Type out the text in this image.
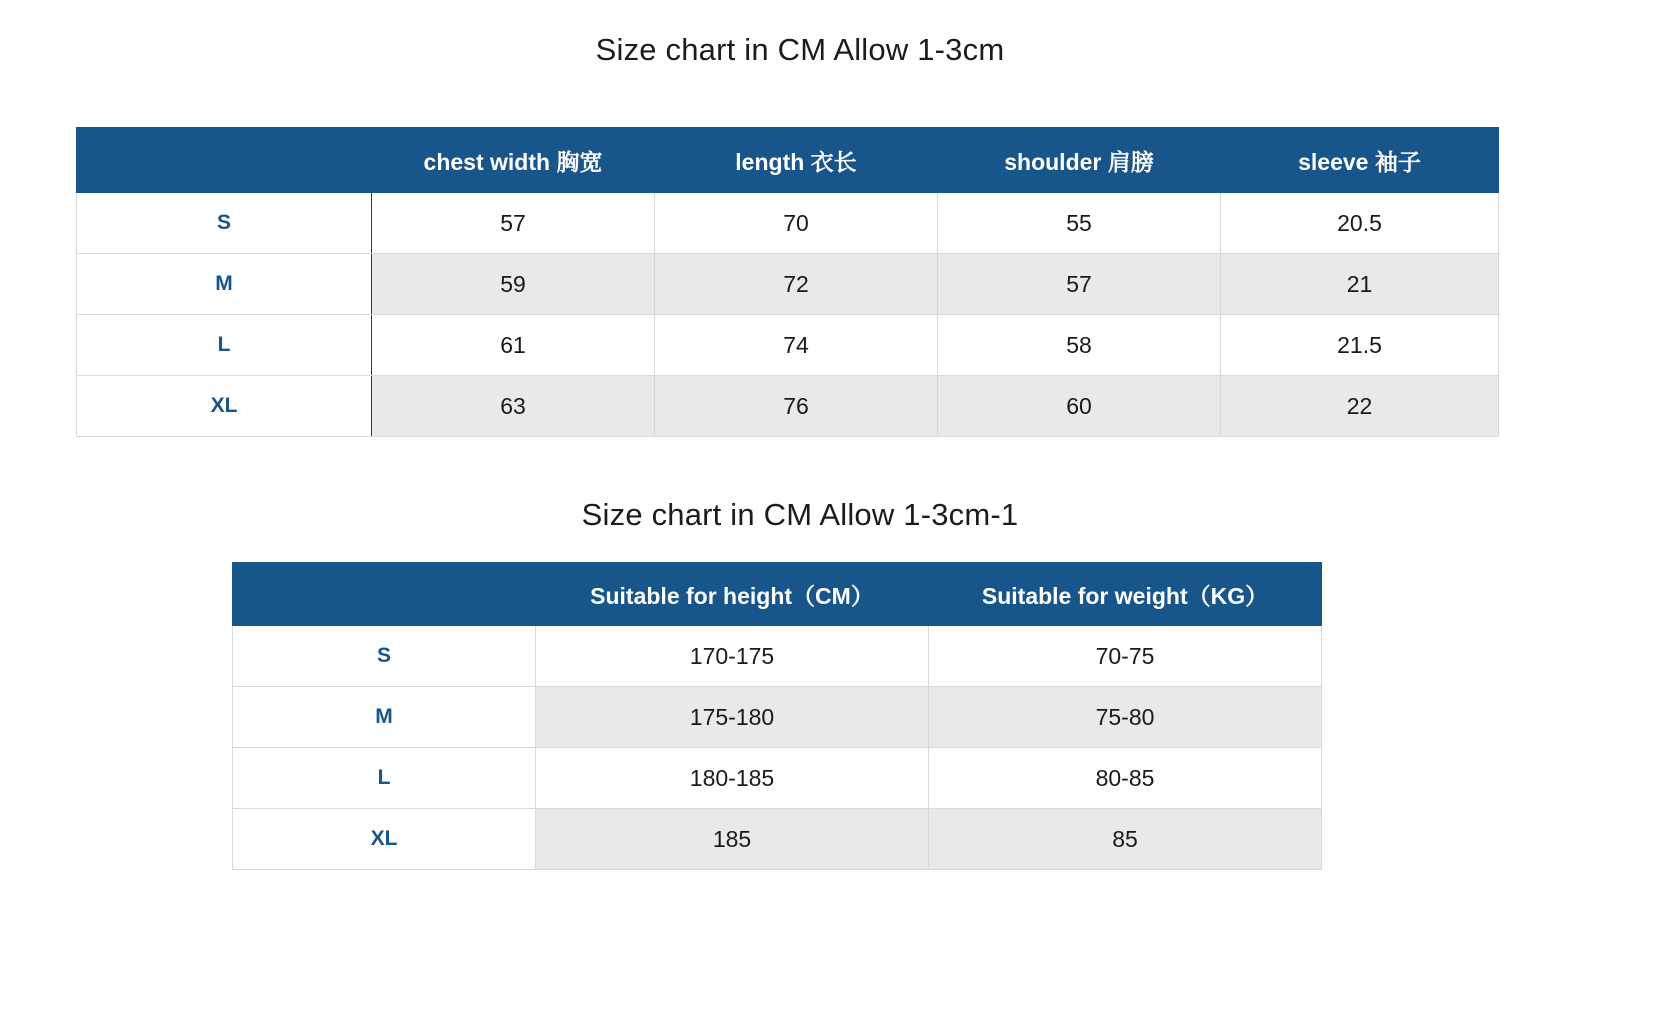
Size chart in CM Allow 1-3cm
	chest width 胸宽	length 衣长	shoulder 肩膀	sleeve 袖子
S	57	70	55	20.5
M	59	72	57	21
L	61	74	58	21.5
XL	63	76	60	22
Size chart in CM Allow 1-3cm-1
	Suitable for height（CM）	Suitable for weight（KG）
S	170-175	70-75
M	175-180	75-80
L	180-185	80-85
XL	185	85
